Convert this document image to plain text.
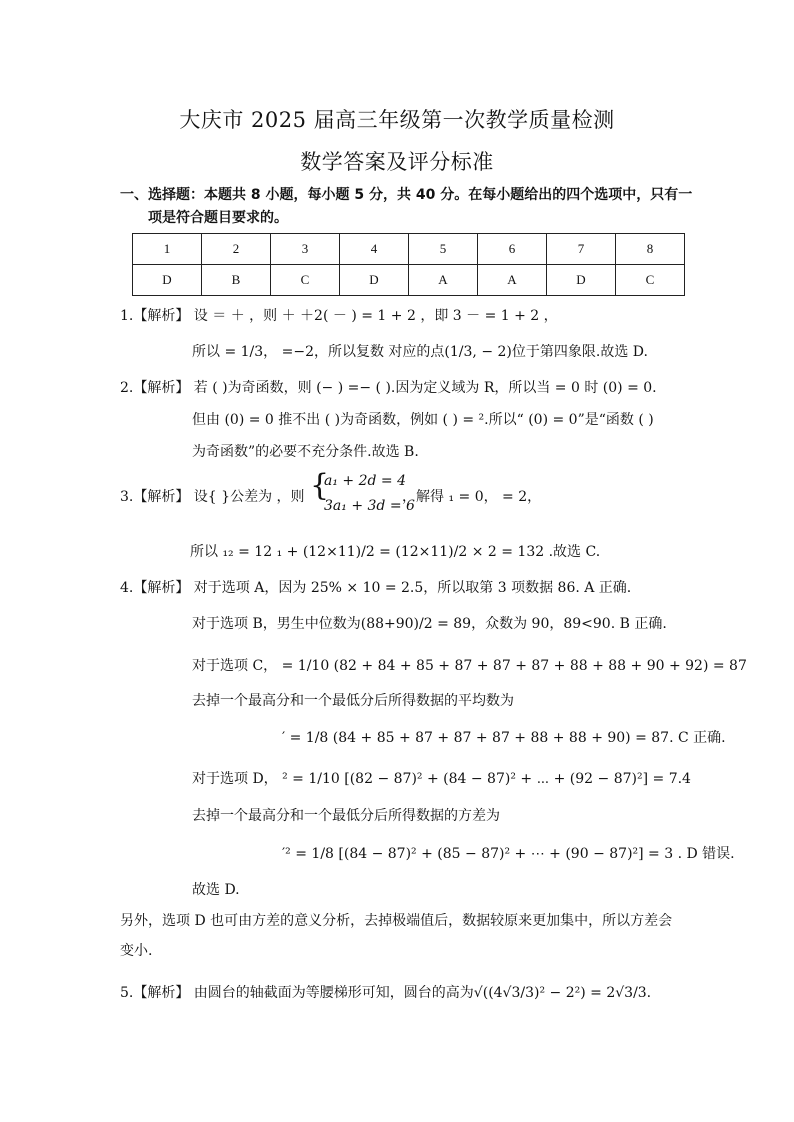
大庆市 2025 届高三年级第一次教学质量检测
数学答案及评分标准
一、选择题：本题共 8 小题，每小题 5 分，共 40 分。在每小题给出的四个选项中，只有一
项是符合题目要求的。
1	2	3	4	5	6	7	8
D	B	C	D	A	A	D	C
1.【解析】 设 ＝ ＋ ，则 ＋ ＋2( － ) = 1 + 2 ，即 3 － = 1 + 2 ，
所以 = 1/3， =−2，所以复数 对应的点(1/3, − 2)位于第四象限.故选 D.
2.【解析】 若 ( )为奇函数，则 (− ) =− ( ).因为定义域为 R，所以当 = 0 时 (0) = 0.
但由 (0) = 0 推不出 ( )为奇函数，例如 ( ) = ².所以“ (0) = 0”是“函数 ( )
为奇函数”的必要不充分条件.故选 B.
3.【解析】 设{ }公差为 ，则 {
a₁ + 2d = 4
3a₁ + 3d = 6
，解得 ₁ = 0， = 2，
所以 ₁₂ = 12 ₁ + (12×11)/2 = (12×11)/2 × 2 = 132 .故选 C.
4.【解析】 对于选项 A，因为 25% × 10 = 2.5，所以取第 3 项数据 86. A 正确.
对于选项 B，男生中位数为(88+90)/2 = 89，众数为 90，89<90. B 正确.
对于选项 C， = 1/10 (82 + 84 + 85 + 87 + 87 + 87 + 88 + 88 + 90 + 92) = 87
去掉一个最高分和一个最低分后所得数据的平均数为
′ = 1/8 (84 + 85 + 87 + 87 + 87 + 88 + 88 + 90) = 87. C 正确.
对于选项 D， ² = 1/10 [(82 − 87)² + (84 − 87)² + ⋯ + (92 − 87)²] = 7.4
去掉一个最高分和一个最低分后所得数据的方差为
′² = 1/8 [(84 − 87)² + (85 − 87)² + ⋯ + (90 − 87)²] = 3 . D 错误.
故选 D.
另外，选项 D 也可由方差的意义分析，去掉极端值后，数据较原来更加集中，所以方差会
变小.
5.【解析】 由圆台的轴截面为等腰梯形可知，圆台的高为√((4√3/3)² − 2²) = 2√3/3.
